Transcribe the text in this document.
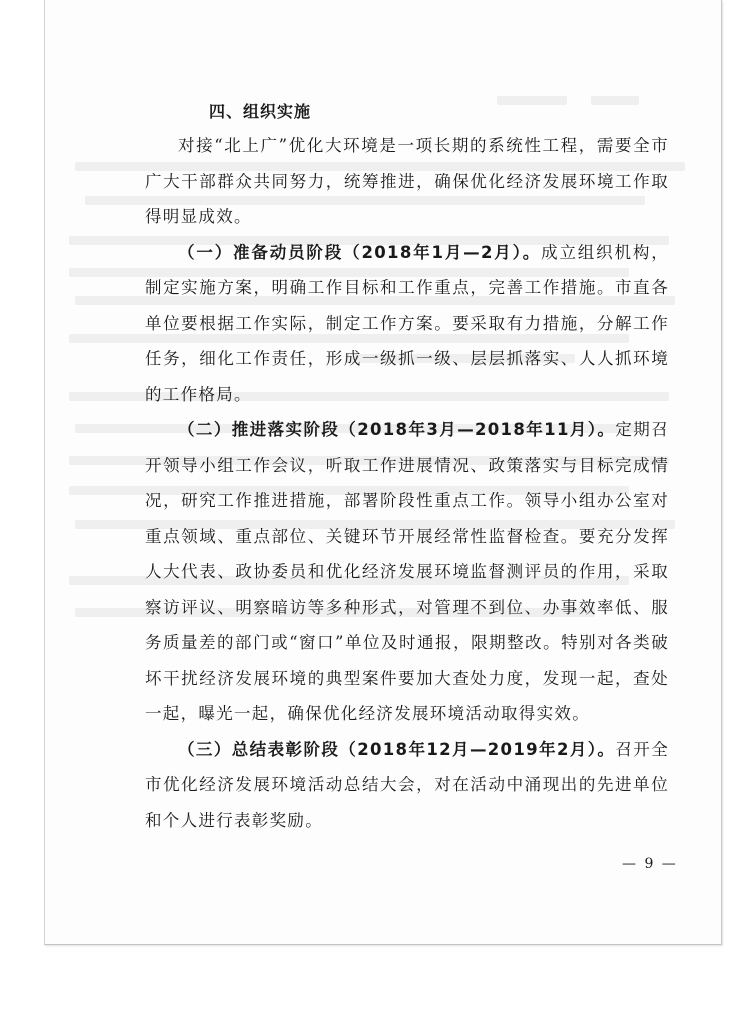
四、组织实施

对接“北上广”优化大环境是一项长期的系统性工程，需要全市广大干部群众共同努力，统筹推进，确保优化经济发展环境工作取得明显成效。

（一）准备动员阶段（2018年1月—2月）。成立组织机构，制定实施方案，明确工作目标和工作重点，完善工作措施。市直各单位要根据工作实际，制定工作方案。要采取有力措施，分解工作任务，细化工作责任，形成一级抓一级、层层抓落实、人人抓环境的工作格局。

（二）推进落实阶段（2018年3月—2018年11月）。定期召开领导小组工作会议，听取工作进展情况、政策落实与目标完成情况，研究工作推进措施，部署阶段性重点工作。领导小组办公室对重点领域、重点部位、关键环节开展经常性监督检查。要充分发挥人大代表、政协委员和优化经济发展环境监督测评员的作用，采取察访评议、明察暗访等多种形式，对管理不到位、办事效率低、服务质量差的部门或“窗口”单位及时通报，限期整改。特别对各类破坏干扰经济发展环境的典型案件要加大查处力度，发现一起，查处一起，曝光一起，确保优化经济发展环境活动取得实效。

（三）总结表彰阶段（2018年12月—2019年2月）。召开全市优化经济发展环境活动总结大会，对在活动中涌现出的先进单位和个人进行表彰奖励。

— 9 —
